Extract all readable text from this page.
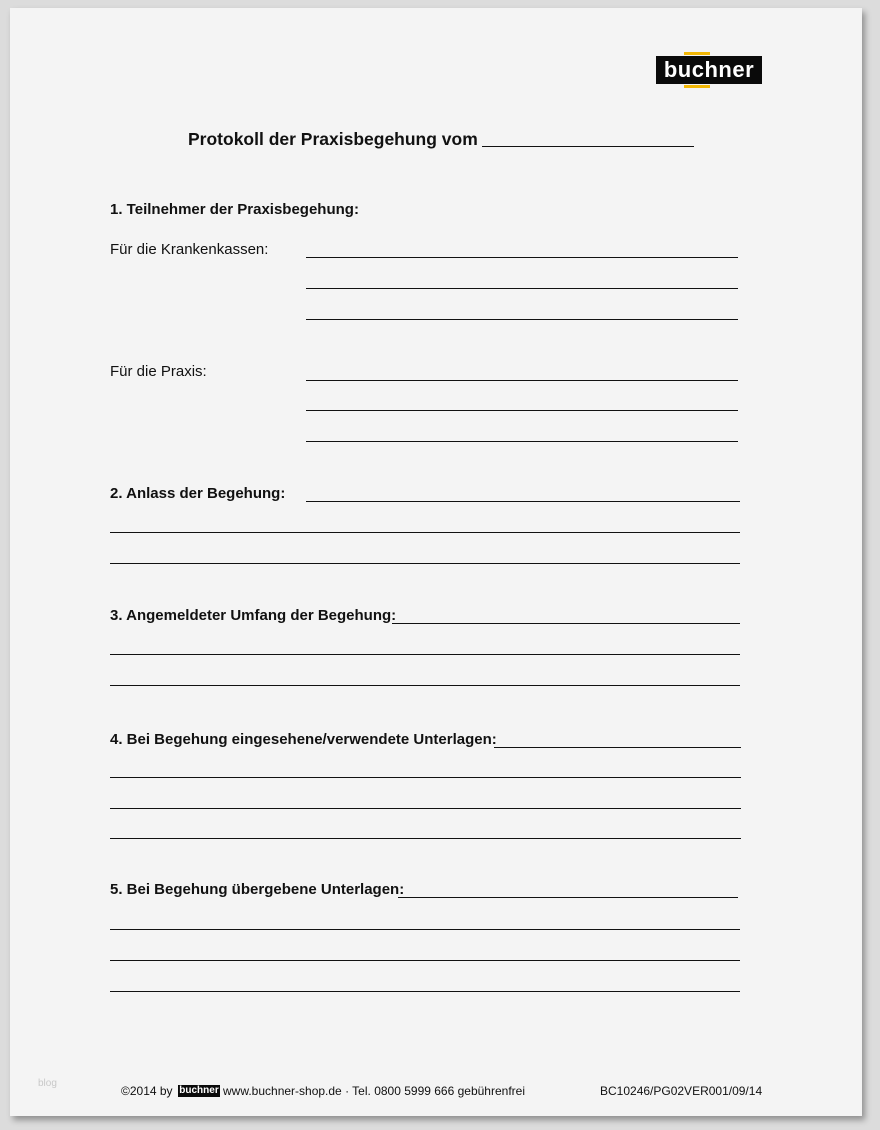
buchner
Protokoll der Praxisbegehung vom
1. Teilnehmer der Praxisbegehung:
Für die Krankenkassen:
Für die Praxis:
2. Anlass der Begehung:
3. Angemeldeter Umfang der Begehung:
4. Bei Begehung eingesehene/verwendete Unterlagen:
5. Bei Begehung übergebene Unterlagen:
blog
©2014 by buchner www.buchner-shop.de · Tel. 0800 5999 666 gebührenfrei	BC10246/PG02VER001/09/14
